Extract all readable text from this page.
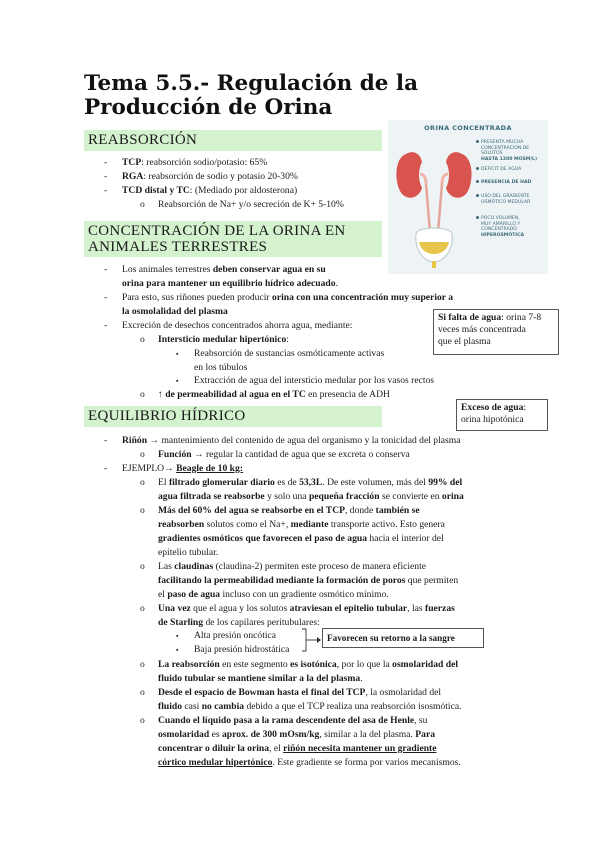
Tema 5.5.- Regulación de la Producción de Orina
REABSORCIÓN
- TCP: reabsorción sodio/potasio: 65%
- RGA: reabsorción de sodio y potasio 20-30%
- TCD distal y TC: (Mediado por aldosterona)
o Reabsorción de Na+ y/o secreción de K+ 5-10%
CONCENTRACIÓN DE LA ORINA EN
ANIMALES TERRESTRES
- Los animales terrestres deben conservar agua en su
orina para mantener un equilibrio hídrico adecuado.
- Para esto, sus riñones pueden producir orina con una concentración muy superior a
la osmolalidad del plasma
- Excreción de desechos concentrados ahorra agua, mediante:
o Intersticio medular hipertónico:
▪ Reabsorción de sustancias osmóticamente activas
en los túbulos
▪ Extracción de agua del intersticio medular por los vasos rectos
o ↑ de permeabilidad al agua en el TC en presencia de ADH
EQUILIBRIO HÍDRICO
- Riñón → mantenimiento del contenido de agua del organismo y la tonicidad del plasma
o Función → regular la cantidad de agua que se excreta o conserva
- EJEMPLO→ Beagle de 10 kg:
o El filtrado glomerular diario es de 53,3L. De este volumen, más del 99% del
agua filtrada se reabsorbe y solo una pequeña fracción se convierte en orina
o Más del 60% del agua se reabsorbe en el TCP, donde también se
reabsorben solutos como el Na+, mediante transporte activo. Esto genera
gradientes osmóticos que favorecen el paso de agua hacia el interior del
epitelio tubular.
o Las claudinas (claudina-2) permiten este proceso de manera eficiente
facilitando la permeabilidad mediante la formación de poros que permiten
el paso de agua incluso con un gradiente osmótico mínimo.
o Una vez que el agua y los solutos atraviesan el epitelio tubular, las fuerzas
de Starling de los capilares peritubulares:
▪ Alta presión oncótica
▪ Baja presión hidrostática
o La reabsorción en este segmento es isotónica, por lo que la osmolaridad del
fluido tubular se mantiene similar a la del plasma.
o Desde el espacio de Bowman hasta el final del TCP, la osmolaridad del
fluido casi no cambia debido a que el TCP realiza una reabsorción isosmótica.
o Cuando el líquido pasa a la rama descendente del asa de Henle, su
osmolaridad es aprox. de 300 mOsm/kg, similar a la del plasma. Para
concentrar o diluir la orina, el riñón necesita mantener un gradiente
córtico medular hipertónico. Este gradiente se forma por varios mecanismos.
Si falta de agua: orina 7-8
veces más concentrada
que el plasma
Exceso de agua:
orina hipotónica
Favorecen su retorno a la sangre
ORINA CONCENTRADA
PRESENTA MUCHA
CONCENTRACION DE
SOLUTOS
HASTA 1200 MOSM/L)
DÉFICIT DE AGUA
PRESENCIA DE HAD
USO DEL GRADIENTE
OSMÓTICO MEDULAR
POCO VOLUMEN,
MUY AMARILLO Y
CONCENTRADO
HIPEROSMÓTICA
